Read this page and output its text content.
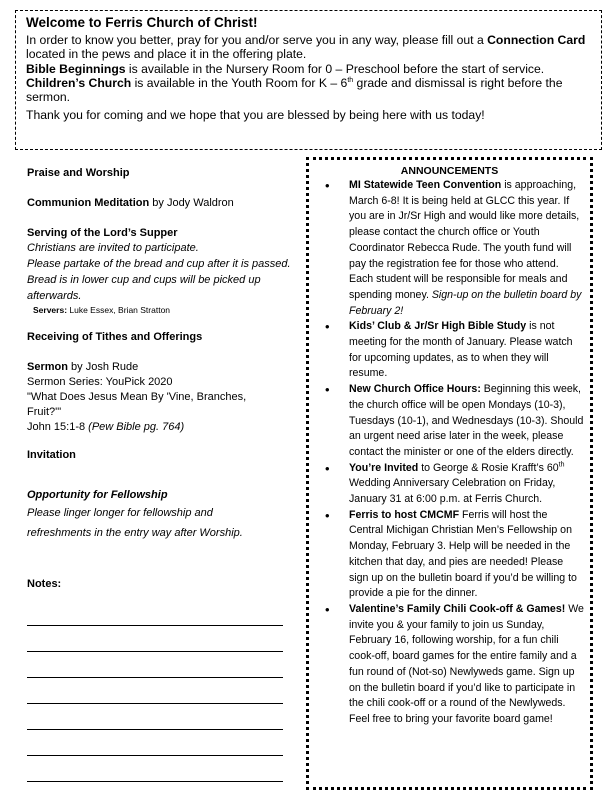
Welcome to Ferris Church of Christ!

In order to know you better, pray for you and/or serve you in any way, please fill out a Connection Card located in the pews and place it in the offering plate.

Bible Beginnings is available in the Nursery Room for 0 – Preschool before the start of service. Children’s Church is available in the Youth Room for K – 6th grade and dismissal is right before the sermon.

Thank you for coming and we hope that you are blessed by being here with us today!

Praise and Worship
Communion Meditation by Jody Waldron
Serving of the Lord’s Supper
Christians are invited to participate.
Please partake of the bread and cup after it is passed. Bread is in lower cup and cups will be picked up afterwards.
Servers: Luke Essex, Brian Stratton
Receiving of Tithes and Offerings
Sermon by Josh Rude
Sermon Series: YouPick 2020
"What Does Jesus Mean By 'Vine, Branches, Fruit?'"
John 15:1-8 (Pew Bible pg. 764)
Invitation
Opportunity for Fellowship
Please linger longer for fellowship and refreshments in the entry way after Worship.
Notes:
ANNOUNCEMENTS
• MI Statewide Teen Convention is approaching, March 6-8! It is being held at GLCC this year. If you are in Jr/Sr High and would like more details, please contact the church office or Youth Coordinator Rebecca Rude. The youth fund will pay the registration fee for those who attend. Each student will be responsible for meals and spending money. Sign-up on the bulletin board by February 2!
• Kids’ Club & Jr/Sr High Bible Study is not meeting for the month of January. Please watch for upcoming updates, as to when they will resume.
• New Church Office Hours: Beginning this week, the church office will be open Mondays (10-3), Tuesdays (10-1), and Wednesdays (10-3). Should an urgent need arise later in the week, please contact the minister or one of the elders directly.
• You’re Invited to George & Rosie Krafft’s 60th Wedding Anniversary Celebration on Friday, January 31 at 6:00 p.m. at Ferris Church.
• Ferris to host CMCMF Ferris will host the Central Michigan Christian Men’s Fellowship on Monday, February 3. Help will be needed in the kitchen that day, and pies are needed! Please sign up on the bulletin board if you’d be willing to provide a pie for the dinner.
• Valentine’s Family Chili Cook-off & Games! We invite you & your family to join us Sunday, February 16, following worship, for a fun chili cook-off, board games for the entire family and a fun round of (Not-so) Newlyweds game. Sign up on the bulletin board if you’d like to participate in the chili cook-off or a round of the Newlyweds. Feel free to bring your favorite board game!
